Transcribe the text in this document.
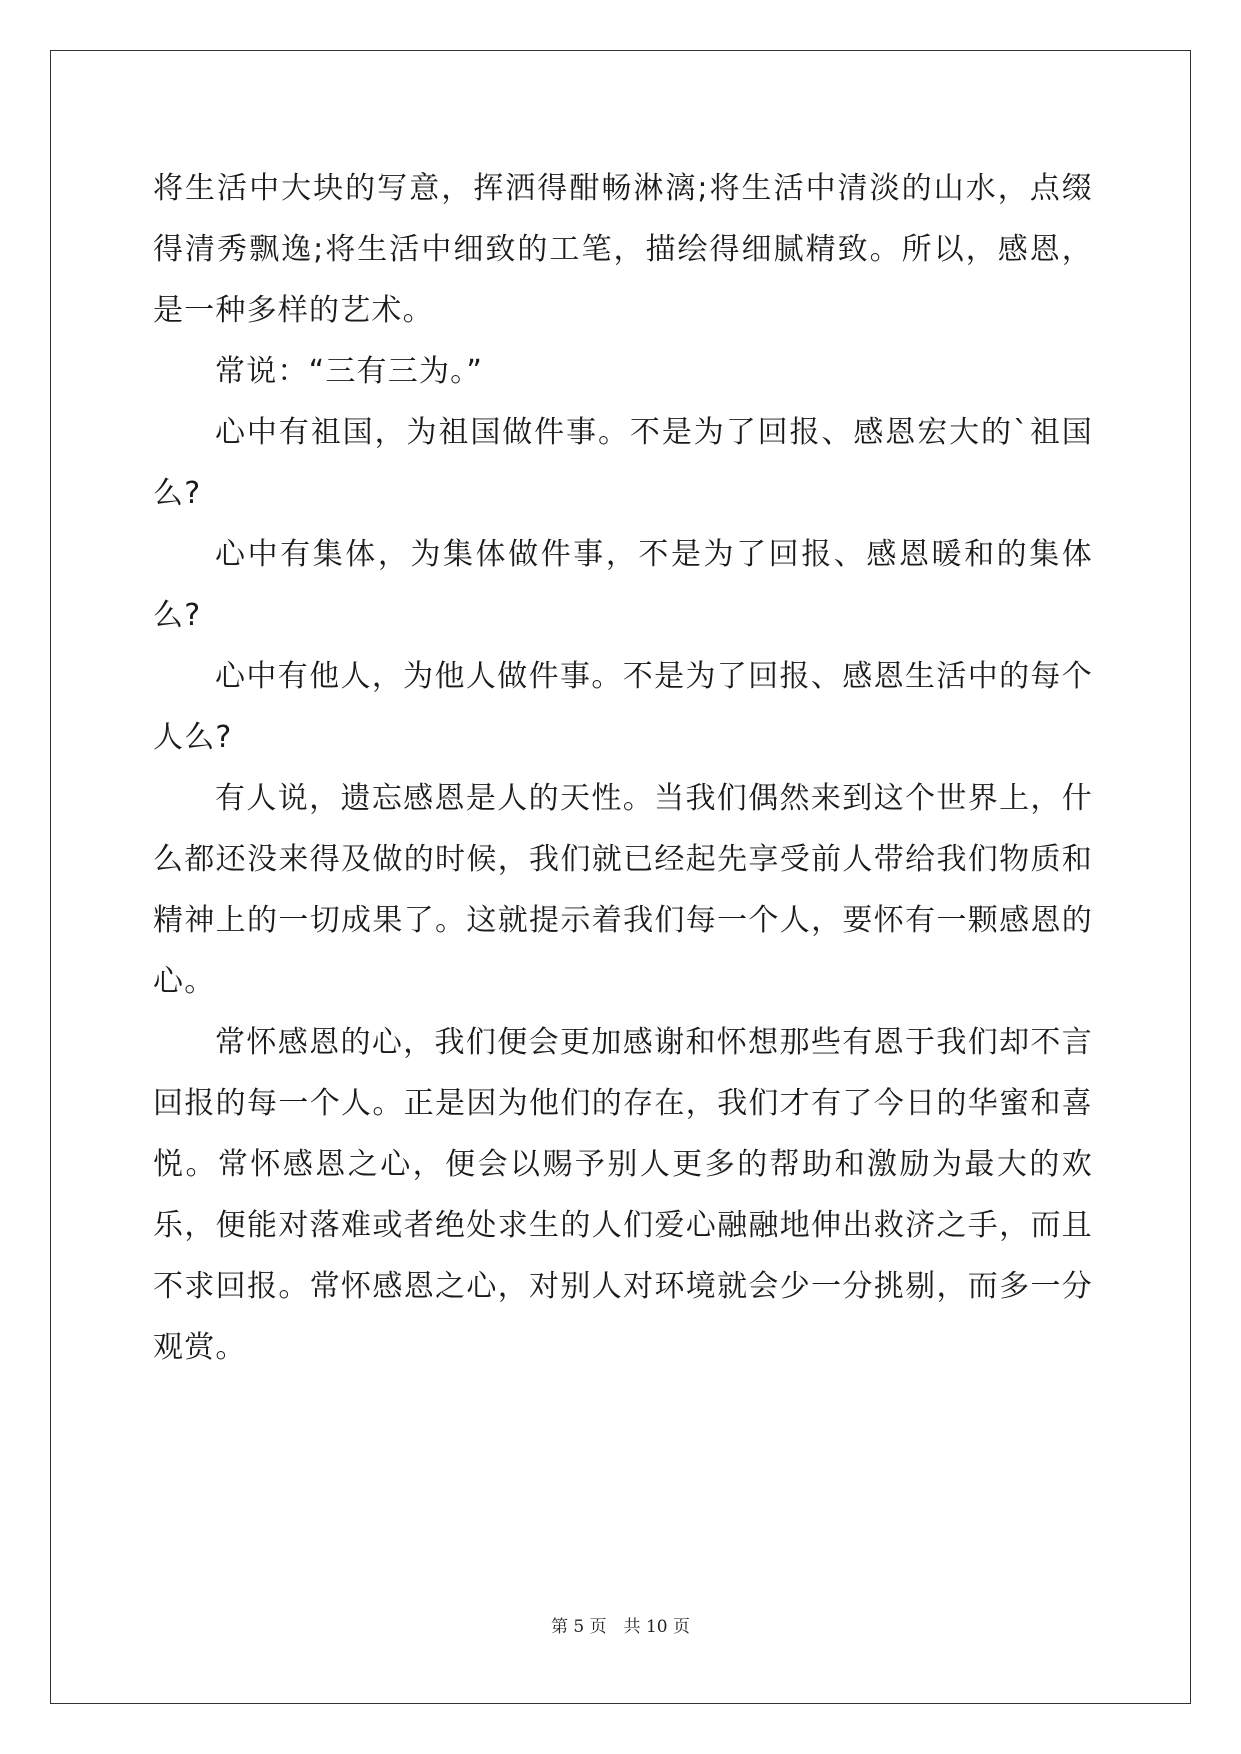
将生活中大块的写意，挥洒得酣畅淋漓;将生活中清淡的山水，点缀得清秀飘逸;将生活中细致的工笔，描绘得细腻精致。所以，感恩，是一种多样的艺术。

常说：“三有三为。”

心中有祖国，为祖国做件事。不是为了回报、感恩宏大的`祖国么?

心中有集体，为集体做件事，不是为了回报、感恩暖和的集体么?

心中有他人，为他人做件事。不是为了回报、感恩生活中的每个人么?

有人说，遗忘感恩是人的天性。当我们偶然来到这个世界上，什么都还没来得及做的时候，我们就已经起先享受前人带给我们物质和精神上的一切成果了。这就提示着我们每一个人，要怀有一颗感恩的心。

常怀感恩的心，我们便会更加感谢和怀想那些有恩于我们却不言回报的每一个人。正是因为他们的存在，我们才有了今日的华蜜和喜悦。常怀感恩之心，便会以赐予别人更多的帮助和激励为最大的欢乐，便能对落难或者绝处求生的人们爱心融融地伸出救济之手，而且不求回报。常怀感恩之心，对别人对环境就会少一分挑剔，而多一分观赏。

第 5 页　共 10 页
